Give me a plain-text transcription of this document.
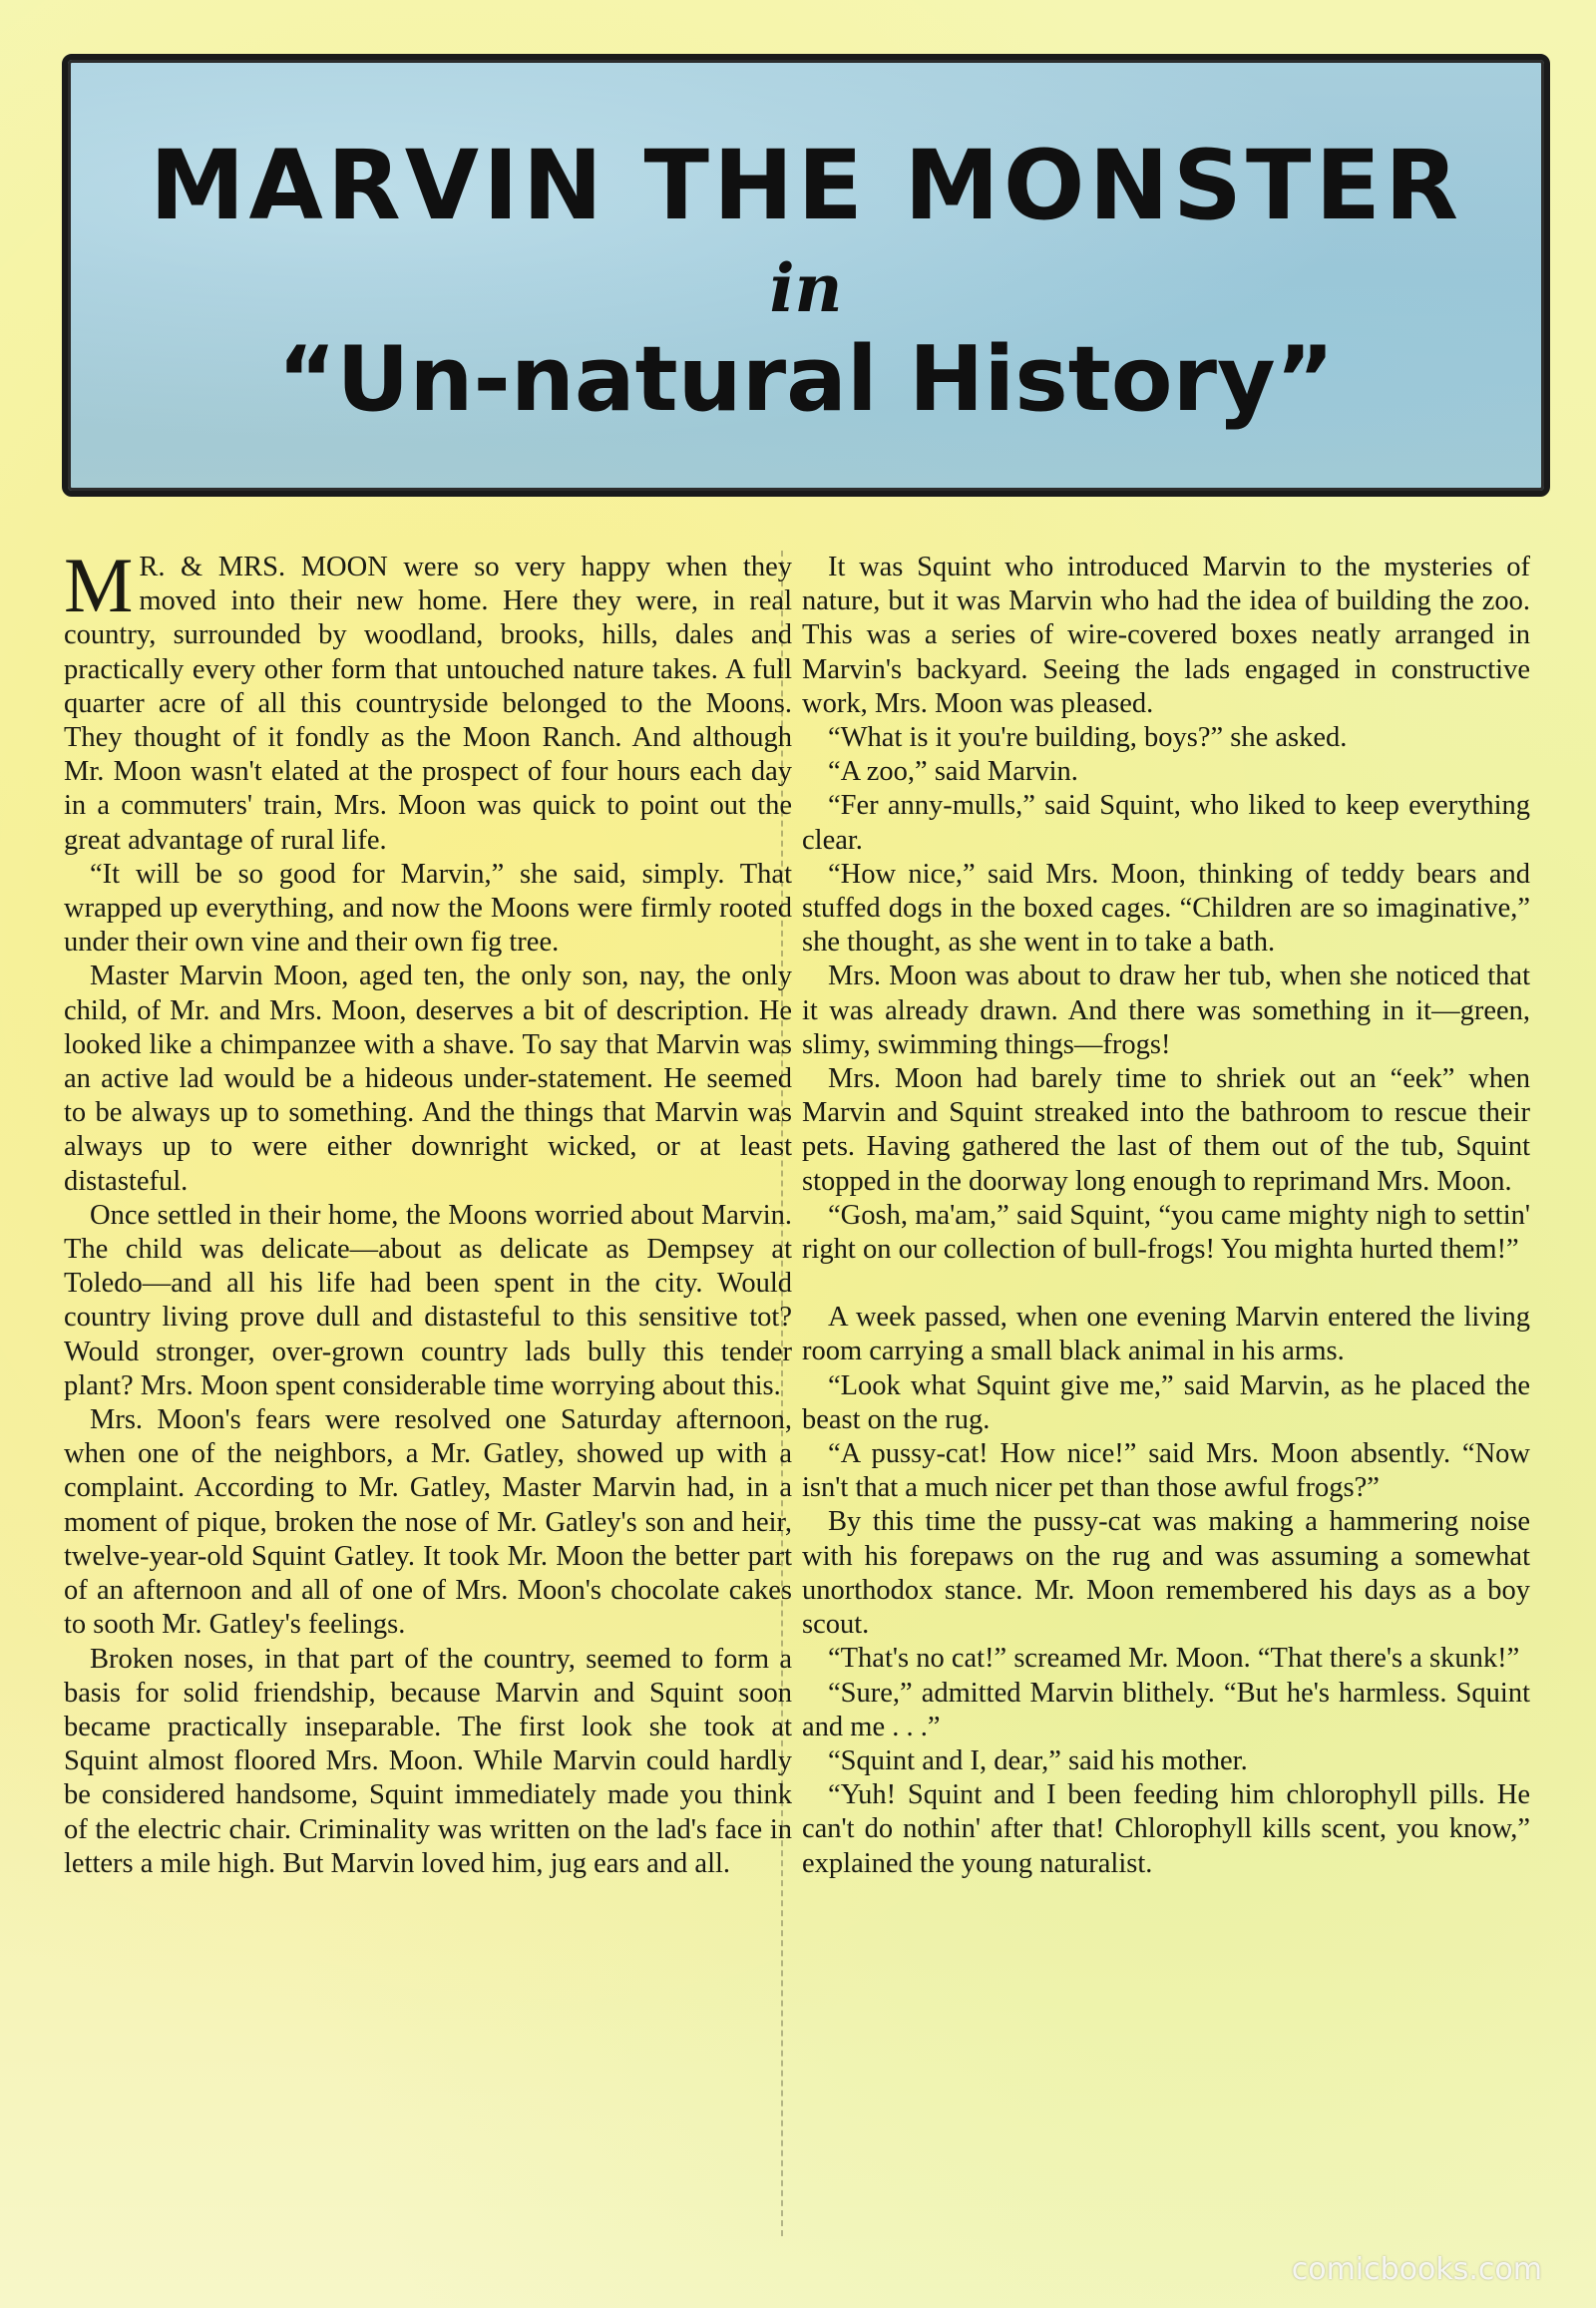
MARVIN THE MONSTER
in
“Un-natural History”

M R. & MRS. MOON were so very happy when they moved into their new home. Here they were, in real country, surrounded by woodland, brooks, hills, dales and practically every other form that untouched nature takes. A full quarter acre of all this countryside belonged to the Moons. They thought of it fondly as the Moon Ranch. And although Mr. Moon wasn't elated at the prospect of four hours each day in a commuters' train, Mrs. Moon was quick to point out the great advantage of rural life.

“It will be so good for Marvin,” she said, simply. That wrapped up everything, and now the Moons were firmly rooted under their own vine and their own fig tree.

Master Marvin Moon, aged ten, the only son, nay, the only child, of Mr. and Mrs. Moon, deserves a bit of description. He looked like a chimpanzee with a shave. To say that Marvin was an active lad would be a hideous under-statement. He seemed to be always up to something. And the things that Marvin was always up to were either downright wicked, or at least distasteful.

Once settled in their home, the Moons worried about Marvin. The child was delicate—about as delicate as Dempsey at Toledo—and all his life had been spent in the city. Would country living prove dull and distasteful to this sensitive tot? Would stronger, over-grown country lads bully this tender plant? Mrs. Moon spent considerable time worrying about this.

Mrs. Moon's fears were resolved one Saturday afternoon, when one of the neighbors, a Mr. Gatley, showed up with a complaint. According to Mr. Gatley, Master Marvin had, in a moment of pique, broken the nose of Mr. Gatley's son and heir, twelve-year-old Squint Gatley. It took Mr. Moon the better part of an afternoon and all of one of Mrs. Moon's chocolate cakes to sooth Mr. Gatley's feelings.

Broken noses, in that part of the country, seemed to form a basis for solid friendship, because Marvin and Squint soon became practically inseparable. The first look she took at Squint almost floored Mrs. Moon. While Marvin could hardly be considered handsome, Squint immediately made you think of the electric chair. Criminality was written on the lad's face in letters a mile high. But Marvin loved him, jug ears and all.

It was Squint who introduced Marvin to the mysteries of nature, but it was Marvin who had the idea of building the zoo. This was a series of wire-covered boxes neatly arranged in Marvin's backyard. Seeing the lads engaged in constructive work, Mrs. Moon was pleased.

“What is it you're building, boys?” she asked.

“A zoo,” said Marvin.

“Fer anny-mulls,” said Squint, who liked to keep everything clear.

“How nice,” said Mrs. Moon, thinking of teddy bears and stuffed dogs in the boxed cages. “Children are so imaginative,” she thought, as she went in to take a bath.

Mrs. Moon was about to draw her tub, when she noticed that it was already drawn. And there was something in it—green, slimy, swimming things—frogs!

Mrs. Moon had barely time to shriek out an “eek” when Marvin and Squint streaked into the bathroom to rescue their pets. Having gathered the last of them out of the tub, Squint stopped in the doorway long enough to reprimand Mrs. Moon.

“Gosh, ma'am,” said Squint, “you came mighty nigh to settin' right on our collection of bull-frogs! You mighta hurted them!”

A week passed, when one evening Marvin entered the living room carrying a small black animal in his arms.

“Look what Squint give me,” said Marvin, as he placed the beast on the rug.

“A pussy-cat! How nice!” said Mrs. Moon absently. “Now isn't that a much nicer pet than those awful frogs?”

By this time the pussy-cat was making a hammering noise with his forepaws on the rug and was assuming a somewhat unorthodox stance. Mr. Moon remembered his days as a boy scout.

“That's no cat!” screamed Mr. Moon. “That there's a skunk!”

“Sure,” admitted Marvin blithely. “But he's harmless. Squint and me . . .”

“Squint and I, dear,” said his mother.

“Yuh! Squint and I been feeding him chlorophyll pills. He can't do nothin' after that! Chlorophyll kills scent, you know,” explained the young naturalist.

comicbooks.com
